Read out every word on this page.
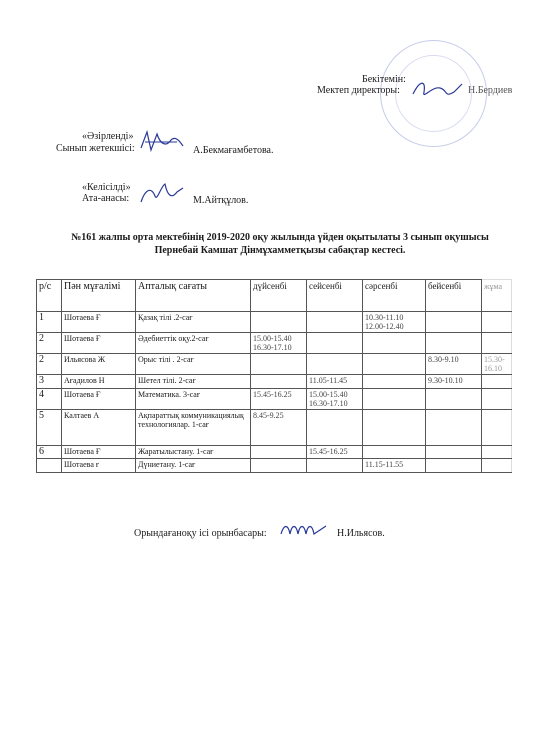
Бекітемін:
Мектеп директоры:	Н.Бердиев
«Әзірленді»
Сынып жетекшісі:	А.Бекмағамбетова.
«Келісілді»
Ата-анасы:	М.Айтқұлов.
№161 жалпы орта мектебінің 2019-2020 оқу жылында үйден оқытылаты 3 сынып оқушысы
Пернебай Камшат Дінмұхамметқызы сабақтар кестесі.
р/с	Пән мұғалімі	Апталық сағаты	дүйсенбі	сейсенбі	сәрсенбі	бейсенбі	жұма
1	Шотаева Ғ	Қазақ тілі .2-сағ			10.30-11.10
12.00-12.40		
2	Шотаева Ғ	Әдебиеттік оқу.2-сағ	15.00-15.40
16.30-17.10				
2	Ильясова Ж	Орыс тілі . 2-сағ				8.30-9.10	15.30-16.10
3	Ағадилов Н	Шетел тілі. 2-сағ		11.05-11.45		9.30-10.10	
4	Шотаева Ғ	Математика. 3-сағ	15.45-16.25	15.00-15.40
16.30-17.10			
5	Калтаев А	Ақпараттық коммуникациялық технологиялар. 1-сағ	8.45-9.25				
6	Шотаева Ғ	Жаратылыстану. 1-сағ		15.45-16.25			
	Шотаева ғ	Дүниетану. 1-сағ			11.15-11.55		
Орындағаноқу ісі орынбасары:	Н.Ильясов.
